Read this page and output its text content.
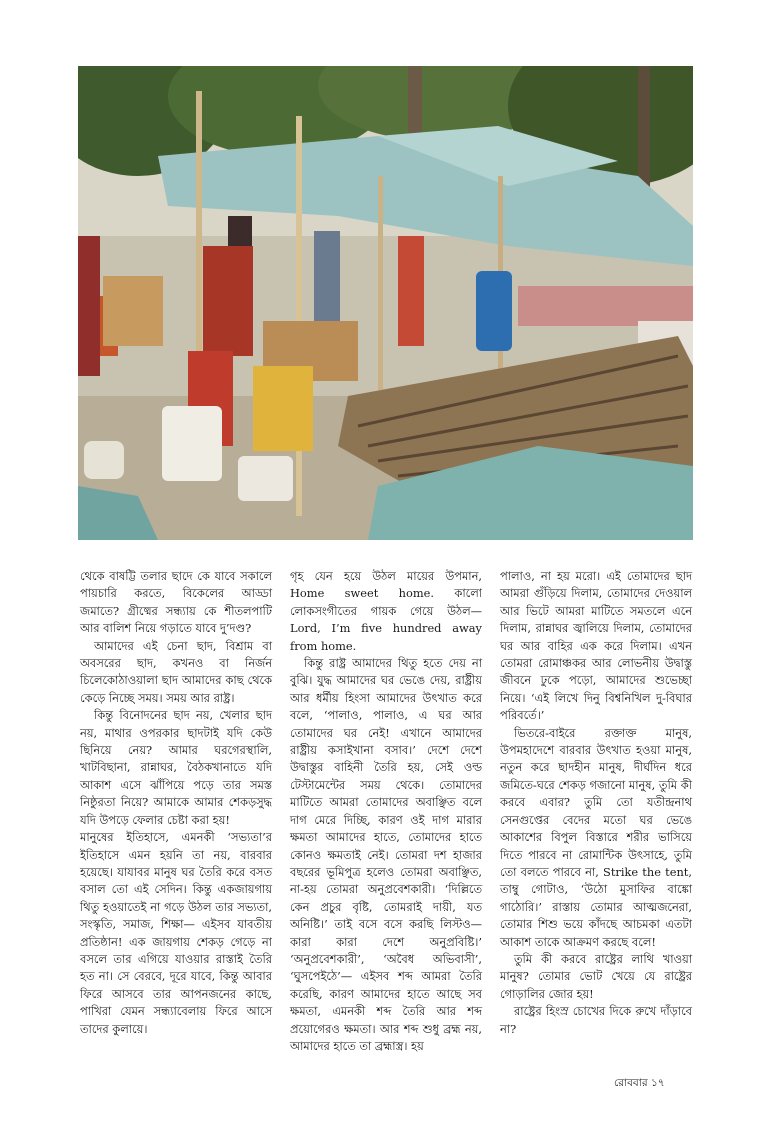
থেকে বাষট্টি তলার ছাদে কে যাবে সকালে পায়চারি করতে, বিকেলের আড্ডা জমাতে? গ্রীষ্মের সন্ধ্যায় কে শীতলপাটি আর বালিশ নিয়ে গড়াতে যাবে দু’দণ্ড?

আমাদের এই চেনা ছাদ, বিশ্রাম বা অবসরের ছাদ, কখনও বা নির্জন চিলেকোঠাওয়ালা ছাদ আমাদের কাছ থেকে কেড়ে নিচ্ছে সময়। সময় আর রাষ্ট্র।

কিন্তু বিনোদনের ছাদ নয়, খেলার ছাদ নয়, মাথার ওপরকার ছাদটাই যদি কেউ ছিনিয়ে নেয়? আমার ঘরগেরস্থালি, খাটবিছানা, রান্নাঘর, বৈঠকখানাতে যদি আকাশ এসে ঝাঁপিয়ে পড়ে তার সমস্ত নিষ্ঠুরতা নিয়ে? আমাকে আমার শেকড়সুদ্ধ যদি উপড়ে ফেলার চেষ্টা করা হয়!

মানুষের ইতিহাসে, এমনকী ‘সভ্যতা’র ইতিহাসে এমন হয়নি তা নয়, বারবার হয়েছে। যাযাবর মানুষ ঘর তৈরি করে বসত বসাল তো এই সেদিন। কিন্তু একজায়গায় থিতু হওয়াতেই না গড়ে উঠল তার সভ্যতা, সংস্কৃতি, সমাজ, শিক্ষা— এইসব যাবতীয় প্রতিষ্ঠান! এক জায়গায় শেকড় গেড়ে না বসলে তার এগিয়ে যাওয়ার রাস্তাই তৈরি হত না। সে বেরবে, দূরে যাবে, কিন্তু আবার ফিরে আসবে তার আপনজনের কাছে, পাখিরা যেমন সন্ধ্যাবেলায় ফিরে আসে তাদের কুলায়ে।

গৃহ যেন হয়ে উঠল মায়ের উপমান, Home sweet home. কালো লোকসংগীতের গায়ক গেয়ে উঠল— Lord, I’m five hundred away from home.

কিন্তু রাষ্ট্র আমাদের থিতু হতে দেয় না বুঝি। যুদ্ধ আমাদের ঘর ভেঙে দেয়, রাষ্ট্রীয় আর ধর্মীয় হিংসা আমাদের উৎখাত করে বলে, ‘পালাও, পালাও, এ ঘর আর তোমাদের ঘর নেই! এখানে আমাদের রাষ্ট্রীয় কসাইখানা বসাব।’ দেশে দেশে উদ্বাস্তুর বাহিনী তৈরি হয়, সেই ওল্ড টেস্টামেন্টের সময় থেকে। তোমাদের মাটিতে আমরা তোমাদের অবাঞ্ছিত বলে দাগ মেরে দিচ্ছি, কারণ ওই দাগ মারার ক্ষমতা আমাদের হাতে, তোমাদের হাতে কোনও ক্ষমতাই নেই। তোমরা দশ হাজার বছরের ভূমিপুত্র হলেও তোমরা অবাঞ্ছিত, না-হয় তোমরা অনুপ্রবেশকারী। ‘দিল্লিতে কেন প্রচুর বৃষ্টি, তোমরাই দায়ী, যত অনিষ্টি।’ তাই বসে বসে করছি লিস্টও— কারা কারা দেশে অনুপ্রবিষ্টি।’ ‘অনুপ্রবেশকারী’, ‘অবৈধ অভিবাসী’, ‘ঘুসপেইঠে’— এইসব শব্দ আমরা তৈরি করেছি, কারণ আমাদের হাতে আছে সব ক্ষমতা, এমনকী শব্দ তৈরি আর শব্দ প্রয়োগেরও ক্ষমতা। আর শব্দ শুধু ব্রহ্ম নয়, আমাদের হাতে তা ব্রহ্মাস্ত্র। হয়

পালাও, না হয় মরো। এই তোমাদের ছাদ আমরা গুঁড়িয়ে দিলাম, তোমাদের দেওয়াল আর ভিটে আমরা মাটিতে সমতলে এনে দিলাম, রান্নাঘর জ্বালিয়ে দিলাম, তোমাদের ঘর আর বাহির এক করে দিলাম। এখন তোমরা রোমাঞ্চকর আর লোভনীয় উদ্বাস্তু জীবনে ঢুকে পড়ো, আমাদের শুভেচ্ছা নিয়ে। ‘এই লিখে দিনু বিশ্বনিখিল দু-বিঘার পরিবর্তে।’

ভিতরে-বাইরে রক্তাক্ত মানুষ, উপমহাদেশে বারবার উৎখাত হওয়া মানুষ, নতুন করে ছাদহীন মানুষ, দীর্ঘদিন ধরে জমিতে-ঘরে শেকড় গজানো মানুষ, তুমি কী করবে এবার? তুমি তো যতীন্দ্রনাথ সেনগুপ্তের বেদের মতো ঘর ভেঙে আকাশের বিপুল বিস্তারে শরীর ভাসিয়ে দিতে পারবে না রোমান্টিক উৎসাহে, তুমি তো বলতে পারবে না, Strike the tent, তাম্বু গোটাও, ‘উঠো মুসাফির বাঙ্কো গাঠোরি।’ রাস্তায় তোমার আত্মজনেরা, তোমার শিশু ভয়ে কাঁদছে আচমকা এতটা আকাশ তাকে আক্রমণ করছে বলে!

তুমি কী করবে রাষ্ট্রের লাথি খাওয়া মানুষ? তোমার ভোট খেয়ে যে রাষ্ট্রের গোড়ালির জোর হয়!

রাষ্ট্রের হিংস্র চোখের দিকে রুখে দাঁড়াবে না?

রোববার ১৭
